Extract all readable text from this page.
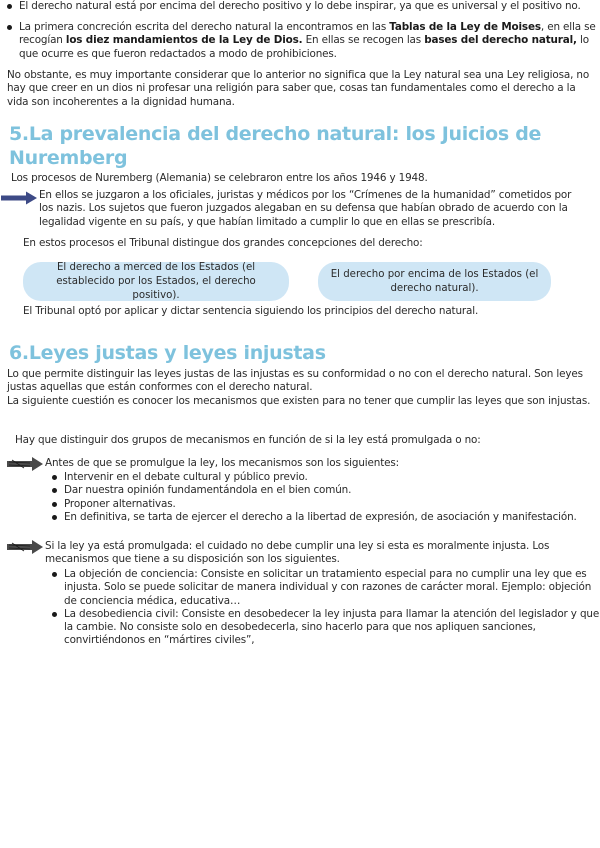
El derecho natural está por encima del derecho positivo y lo debe inspirar, ya que es universal y el positivo no.
La primera concreción escrita del derecho natural la encontramos en las Tablas de la Ley de Moises, en ella se recogían los diez mandamientos de la Ley de Dios. En ellas se recogen las bases del derecho natural, lo que ocurre es que fueron redactados a modo de prohibiciones.

No obstante, es muy importante considerar que lo anterior no significa que la Ley natural sea una Ley religiosa, no hay que creer en un dios ni profesar una religión para saber que, cosas tan fundamentales como el derecho a la vida son incoherentes a la dignidad humana.

5.La prevalencia del derecho natural: los Juicios de Nuremberg

Los procesos de Nuremberg (Alemania) se celebraron entre los años 1946 y 1948.

En ellos se juzgaron a los oficiales, juristas y médicos por los “Crímenes de la humanidad” cometidos por los nazis. Los sujetos que fueron juzgados alegaban en su defensa que habían obrado de acuerdo con la legalidad vigente en su país, y que habían limitado a cumplir lo que en ellas se prescribía.

En estos procesos el Tribunal distingue dos grandes concepciones del derecho:

El derecho a merced de los Estados (el establecido por los Estados, el derecho positivo).
El derecho por encima de los Estados (el derecho natural).

El Tribunal optó por aplicar y dictar sentencia siguiendo los principios del derecho natural.

6.Leyes justas y leyes injustas

Lo que permite distinguir las leyes justas de las injustas es su conformidad o no con el derecho natural. Son leyes justas aquellas que están conformes con el derecho natural.

La siguiente cuestión es conocer los mecanismos que existen para no tener que cumplir las leyes que son injustas.

Hay que distinguir dos grupos de mecanismos en función de si la ley está promulgada o no:

Antes de que se promulgue la ley, los mecanismos son los siguientes:

Intervenir en el debate cultural y público previo.
Dar nuestra opinión fundamentándola en el bien común.
Proponer alternativas.
En definitiva, se tarta de ejercer el derecho a la libertad de expresión, de asociación y manifestación.

Si la ley ya está promulgada: el cuidado no debe cumplir una ley si esta es moralmente injusta. Los mecanismos que tiene a su disposición son los siguientes.

La objeción de conciencia: Consiste en solicitar un tratamiento especial para no cumplir una ley que es injusta. Solo se puede solicitar de manera individual y con razones de carácter moral. Ejemplo: objeción de conciencia médica, educativa…
La desobediencia civil: Consiste en desobedecer la ley injusta para llamar la atención del legislador y que la cambie. No consiste solo en desobedecerla, sino hacerlo para que nos apliquen sanciones, convirtiéndonos en “mártires civiles”,
